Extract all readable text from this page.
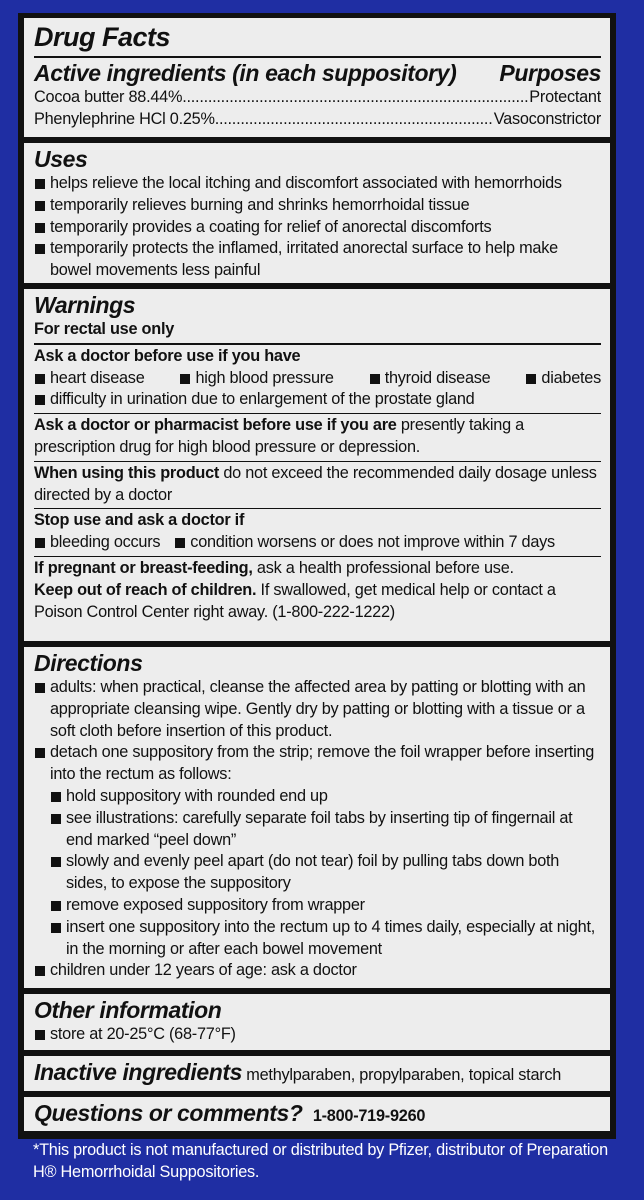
Drug Facts
Active ingredients (in each suppository) Purposes
Cocoa butter 88.44% .....	Protectant
Phenylephrine HCl 0.25% .....	Vasoconstrictor
Uses
helps relieve the local itching and discomfort associated with hemorrhoids
temporarily relieves burning and shrinks hemorrhoidal tissue
temporarily provides a coating for relief of anorectal discomforts
temporarily protects the inflamed, irritated anorectal surface to help make bowel movements less painful
Warnings
For rectal use only
Ask a doctor before use if you have
heart disease	high blood pressure	thyroid disease	diabetes
difficulty in urination due to enlargement of the prostate gland
Ask a doctor or pharmacist before use if you are presently taking a prescription drug for high blood pressure or depression.
When using this product do not exceed the recommended daily dosage unless directed by a doctor
Stop use and ask a doctor if
bleeding occurs	condition worsens or does not improve within 7 days
If pregnant or breast-feeding, ask a health professional before use.
Keep out of reach of children. If swallowed, get medical help or contact a Poison Control Center right away. (1-800-222-1222)
Directions
adults: when practical, cleanse the affected area by patting or blotting with an appropriate cleansing wipe. Gently dry by patting or blotting with a tissue or a soft cloth before insertion of this product.
detach one suppository from the strip; remove the foil wrapper before inserting into the rectum as follows:
hold suppository with rounded end up
see illustrations: carefully separate foil tabs by inserting tip of fingernail at end marked “peel down”
slowly and evenly peel apart (do not tear) foil by pulling tabs down both sides, to expose the suppository
remove exposed suppository from wrapper
insert one suppository into the rectum up to 4 times daily, especially at night, in the morning or after each bowel movement
children under 12 years of age: ask a doctor
Other information
store at 20-25°C (68-77°F)
Inactive ingredients methylparaben, propylparaben, topical starch
Questions or comments? 1-800-719-9260
*This product is not manufactured or distributed by Pfizer, distributor of Preparation H® Hemorrhoidal Suppositories.
